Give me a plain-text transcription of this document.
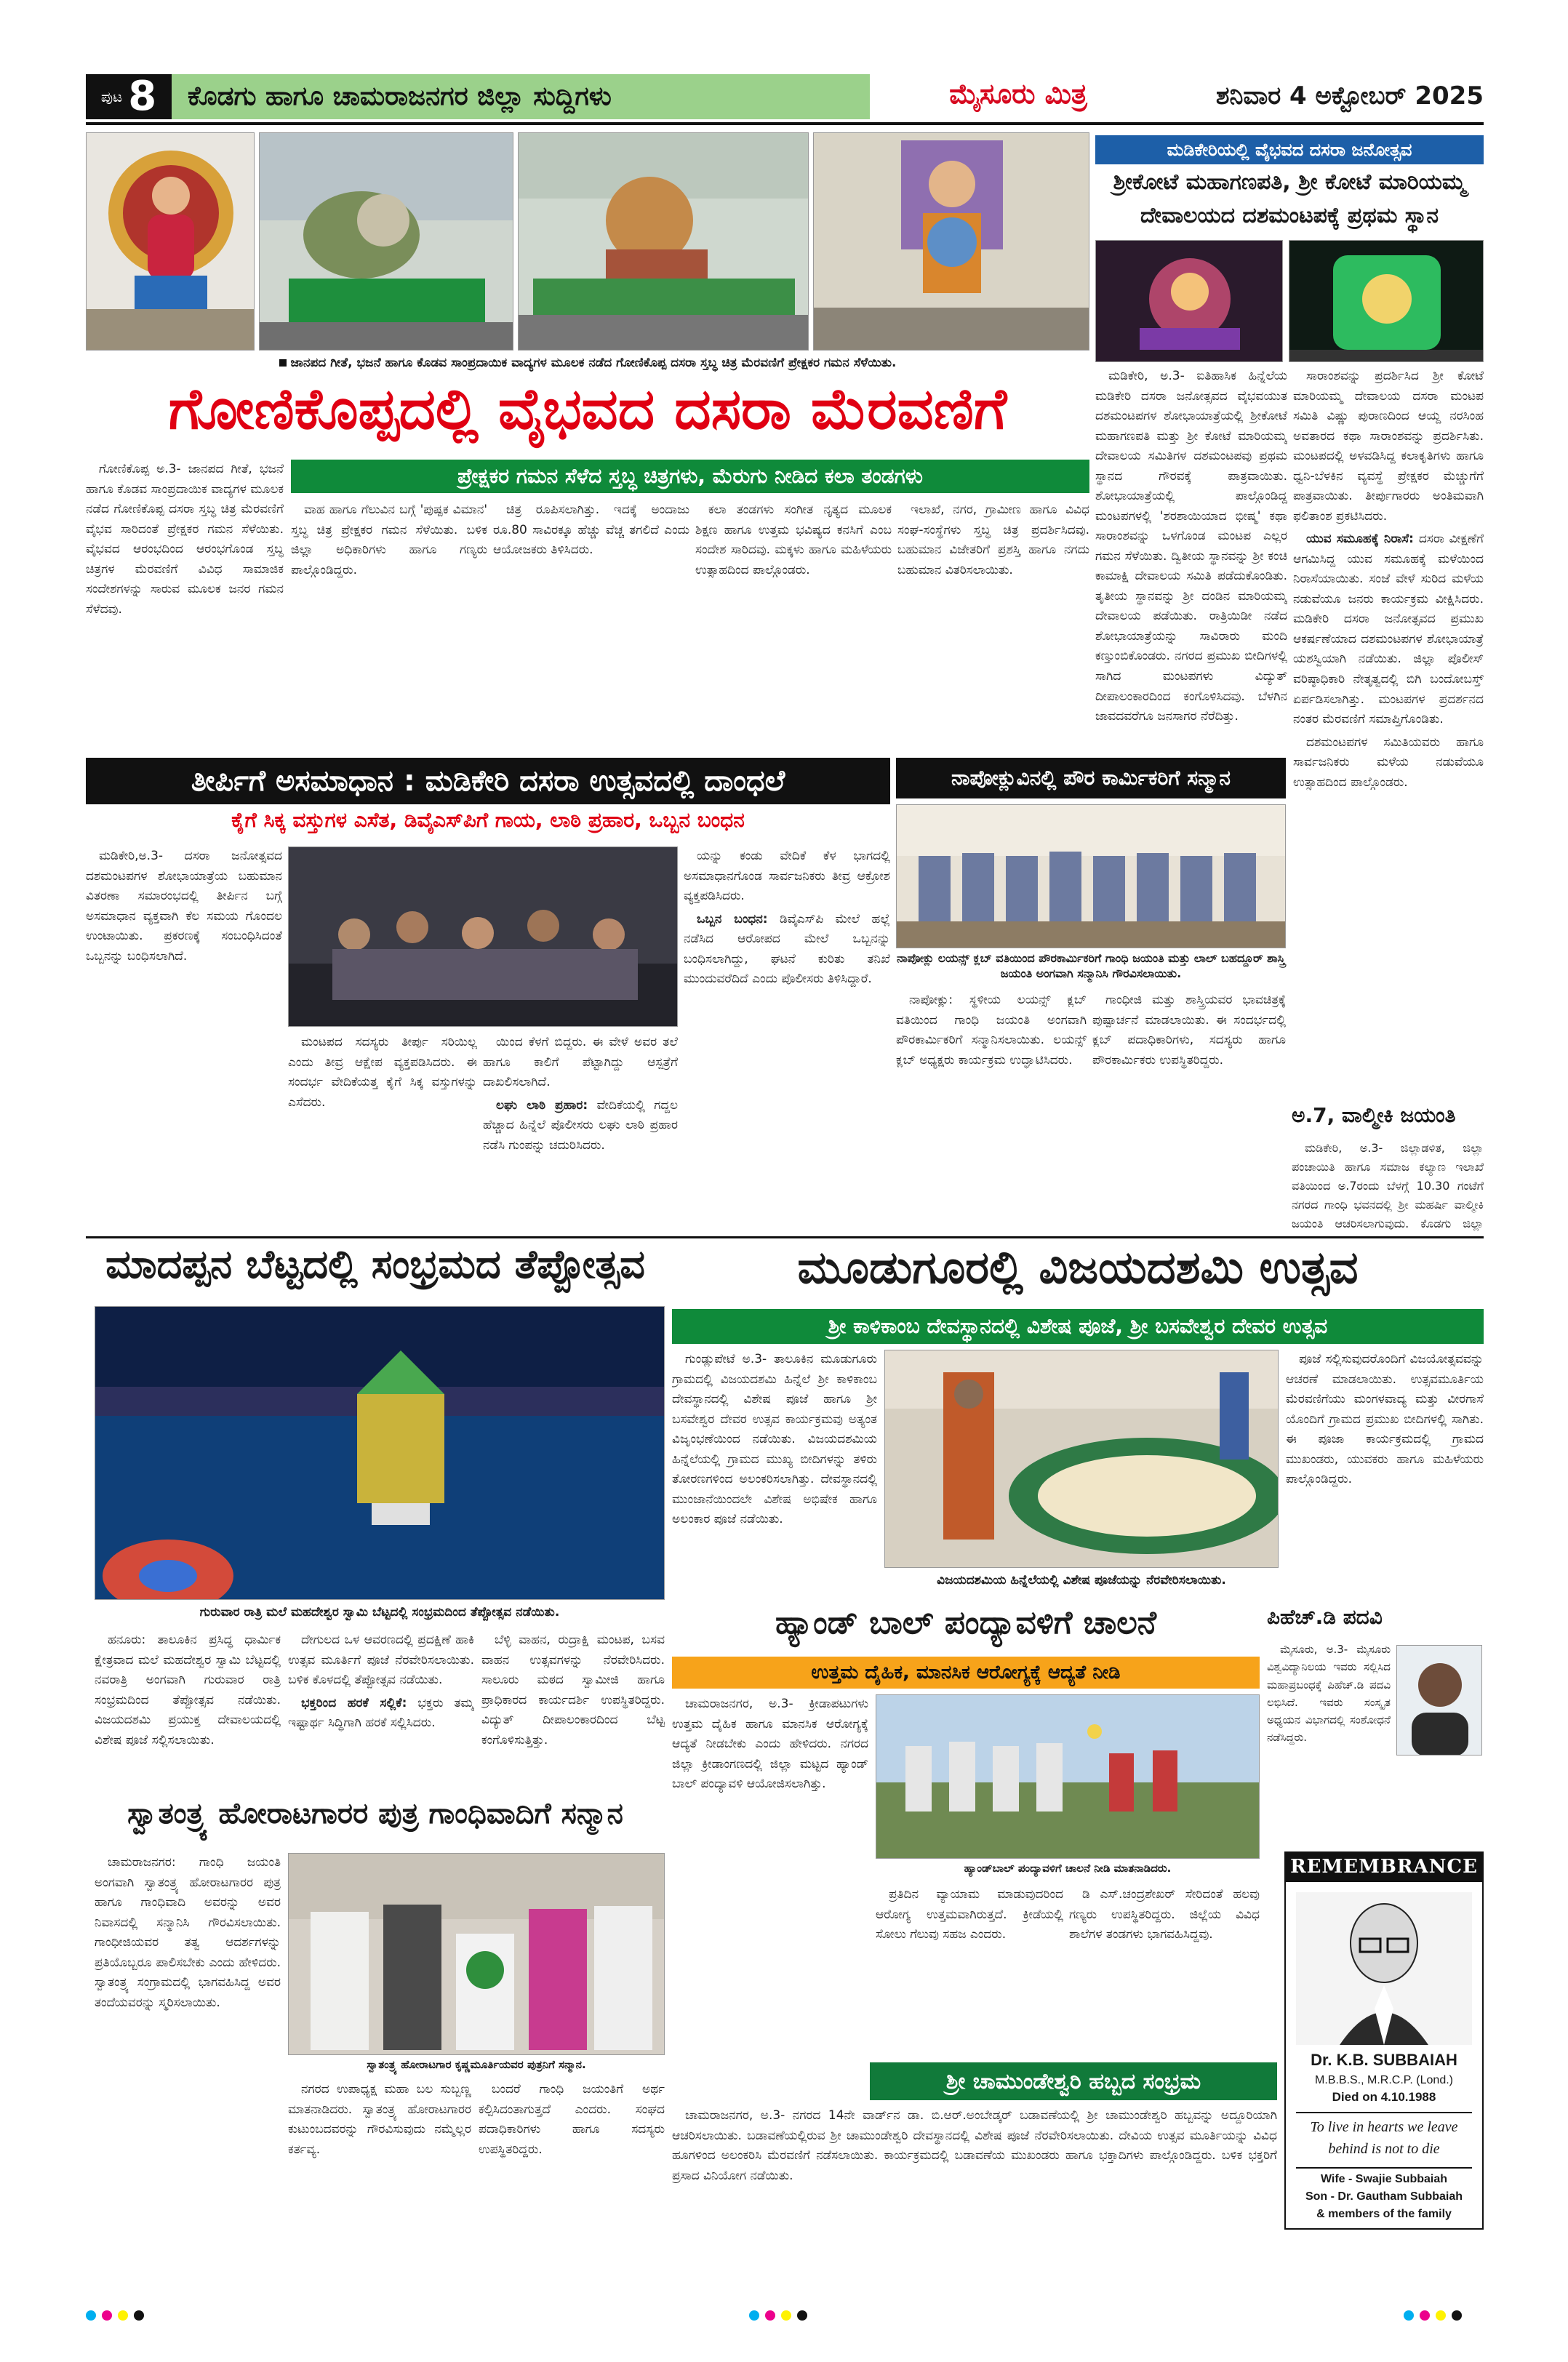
ಪುಟ 8 ಕೊಡಗು ಹಾಗೂ ಚಾಮರಾಜನಗರ ಜಿಲ್ಲಾ ಸುದ್ದಿಗಳು	ಮೈಸೂರು ಮಿತ್ರ	ಶನಿವಾರ 4 ಅಕ್ಟೋಬರ್ 2025
ಜಾನಪದ ಗೀತೆ, ಭಜನೆ ಹಾಗೂ ಕೊಡವ ಸಾಂಪ್ರದಾಯಿಕ ವಾದ್ಯಗಳ ಮೂಲಕ ನಡೆದ ಗೋಣಿಕೊಪ್ಪ ದಸರಾ ಸ್ತಬ್ಧ ಚಿತ್ರ ಮೆರವಣಿಗೆ ಪ್ರೇಕ್ಷಕರ ಗಮನ ಸೆಳೆಯಿತು.
ಮಡಿಕೇರಿಯಲ್ಲಿ ವೈಭವದ ದಸರಾ ಜನೋತ್ಸವ
ಶ್ರೀಕೋಟೆ ಮಹಾಗಣಪತಿ, ಶ್ರೀ ಕೋಟೆ ಮಾರಿಯಮ್ಮ
ದೇವಾಲಯದ ದಶಮಂಟಪಕ್ಕೆ ಪ್ರಥಮ ಸ್ಥಾನ

ಮಡಿಕೇರಿ, ಅ.3- ಐತಿಹಾಸಿಕ ಹಿನ್ನೆಲೆಯ ಮಡಿಕೇರಿ ದಸರಾ ಜನೋತ್ಸವದ ವೈಭವಯುತ ದಶಮಂಟಪಗಳ ಶೋಭಾಯಾತ್ರೆಯಲ್ಲಿ ಶ್ರೀಕೋಟೆ ಮಹಾಗಣಪತಿ ಮತ್ತು ಶ್ರೀ ಕೋಟೆ ಮಾರಿಯಮ್ಮ ದೇವಾಲಯ ಸಮಿತಿಗಳ ದಶಮಂಟಪವು ಪ್ರಥಮ ಸ್ಥಾನದ ಗೌರವಕ್ಕೆ ಪಾತ್ರವಾಯಿತು. ಶೋಭಾಯಾತ್ರೆಯಲ್ಲಿ ಪಾಲ್ಗೊಂಡಿದ್ದ ಮಂಟಪಗಳಲ್ಲಿ 'ಶರಶಾಯಿಯಾದ ಭೀಷ್ಮ' ಕಥಾ ಸಾರಾಂಶವನ್ನು ಒಳಗೊಂಡ ಮಂಟಪ ಎಲ್ಲರ ಗಮನ ಸೆಳೆಯಿತು. ದ್ವಿತೀಯ ಸ್ಥಾನವನ್ನು ಶ್ರೀ ಕಂಚಿ ಕಾಮಾಕ್ಷಿ ದೇವಾಲಯ ಸಮಿತಿ ಪಡೆದುಕೊಂಡಿತು. ತೃತೀಯ ಸ್ಥಾನವನ್ನು ಶ್ರೀ ದಂಡಿನ ಮಾರಿಯಮ್ಮ ದೇವಾಲಯ ಪಡೆಯಿತು. ರಾತ್ರಿಯಿಡೀ ನಡೆದ ಶೋಭಾಯಾತ್ರೆಯನ್ನು ಸಾವಿರಾರು ಮಂದಿ ಕಣ್ತುಂಬಿಕೊಂಡರು. ನಗರದ ಪ್ರಮುಖ ಬೀದಿಗಳಲ್ಲಿ ಸಾಗಿದ ಮಂಟಪಗಳು ವಿದ್ಯುತ್ ದೀಪಾಲಂಕಾರದಿಂದ ಕಂಗೊಳಿಸಿದವು. ಬೆಳಗಿನ ಜಾವದವರೆಗೂ ಜನಸಾಗರ ನೆರೆದಿತ್ತು.

ಸಾರಾಂಶವನ್ನು ಪ್ರದರ್ಶಿಸಿದ ಶ್ರೀ ಕೋಟೆ ಮಾರಿಯಮ್ಮ ದೇವಾಲಯ ದಸರಾ ಮಂಟಪ ಸಮಿತಿ ವಿಷ್ಣು ಪುರಾಣದಿಂದ ಆಯ್ದ ನರಸಿಂಹ ಅವತಾರದ ಕಥಾ ಸಾರಾಂಶವನ್ನು ಪ್ರದರ್ಶಿಸಿತು. ಮಂಟಪದಲ್ಲಿ ಅಳವಡಿಸಿದ್ದ ಕಲಾಕೃತಿಗಳು ಹಾಗೂ ಧ್ವನಿ-ಬೆಳಕಿನ ವ್ಯವಸ್ಥೆ ಪ್ರೇಕ್ಷಕರ ಮೆಚ್ಚುಗೆಗೆ ಪಾತ್ರವಾಯಿತು. ತೀರ್ಪುಗಾರರು ಅಂತಿಮವಾಗಿ ಫಲಿತಾಂಶ ಪ್ರಕಟಿಸಿದರು.

ಯುವ ಸಮೂಹಕ್ಕೆ ನಿರಾಸೆ: ದಸರಾ ವೀಕ್ಷಣೆಗೆ ಆಗಮಿಸಿದ್ದ ಯುವ ಸಮೂಹಕ್ಕೆ ಮಳೆಯಿಂದ ನಿರಾಸೆಯಾಯಿತು. ಸಂಜೆ ವೇಳೆ ಸುರಿದ ಮಳೆಯ ನಡುವೆಯೂ ಜನರು ಕಾರ್ಯಕ್ರಮ ವೀಕ್ಷಿಸಿದರು. ಮಡಿಕೇರಿ ದಸರಾ ಜನೋತ್ಸವದ ಪ್ರಮುಖ ಆಕರ್ಷಣೆಯಾದ ದಶಮಂಟಪಗಳ ಶೋಭಾಯಾತ್ರೆ ಯಶಸ್ವಿಯಾಗಿ ನಡೆಯಿತು. ಜಿಲ್ಲಾ ಪೊಲೀಸ್ ವರಿಷ್ಠಾಧಿಕಾರಿ ನೇತೃತ್ವದಲ್ಲಿ ಬಿಗಿ ಬಂದೋಬಸ್ತ್ ಏರ್ಪಡಿಸಲಾಗಿತ್ತು. ಮಂಟಪಗಳ ಪ್ರದರ್ಶನದ ನಂತರ ಮೆರವಣಿಗೆ ಸಮಾಪ್ತಿಗೊಂಡಿತು.

ದಶಮಂಟಪಗಳ ಸಮಿತಿಯವರು ಹಾಗೂ ಸಾರ್ವಜನಿಕರು ಮಳೆಯ ನಡುವೆಯೂ ಉತ್ಸಾಹದಿಂದ ಪಾಲ್ಗೊಂಡರು.

ಗೋಣಿಕೊಪ್ಪದಲ್ಲಿ ವೈಭವದ ದಸರಾ ಮೆರವಣಿಗೆ
ಪ್ರೇಕ್ಷಕರ ಗಮನ ಸೆಳೆದ ಸ್ತಬ್ಧ ಚಿತ್ರಗಳು, ಮೆರುಗು ನೀಡಿದ ಕಲಾ ತಂಡಗಳು

ಗೋಣಿಕೊಪ್ಪ ಅ.3- ಜಾನಪದ ಗೀತೆ, ಭಜನೆ ಹಾಗೂ ಕೊಡವ ಸಾಂಪ್ರದಾಯಿಕ ವಾದ್ಯಗಳ ಮೂಲಕ ನಡೆದ ಗೋಣಿಕೊಪ್ಪ ದಸರಾ ಸ್ತಬ್ಧ ಚಿತ್ರ ಮೆರವಣಿಗೆ ವೈಭವ ಸಾರಿದಂತೆ ಪ್ರೇಕ್ಷಕರ ಗಮನ ಸೆಳೆಯಿತು. ವೈಭವದ ಆರಂಭದಿಂದ ಆರಂಭಗೊಂಡ ಸ್ತಬ್ಧ ಚಿತ್ರಗಳ ಮೆರವಣಿಗೆ ವಿವಿಧ ಸಾಮಾಜಿಕ ಸಂದೇಶಗಳನ್ನು ಸಾರುವ ಮೂಲಕ ಜನರ ಗಮನ ಸೆಳೆದವು.

ವಾಹ ಹಾಗೂ ಗೆಲುವಿನ ಬಗ್ಗೆ 'ಪುಷ್ಪಕ ವಿಮಾನ' ಸ್ತಬ್ಧ ಚಿತ್ರ ಪ್ರೇಕ್ಷಕರ ಗಮನ ಸೆಳೆಯಿತು. ಬಳಿಕ ಜಿಲ್ಲಾ ಅಧಿಕಾರಿಗಳು ಹಾಗೂ ಗಣ್ಯರು ಪಾಲ್ಗೊಂಡಿದ್ದರು.

ಚಿತ್ರ ರೂಪಿಸಲಾಗಿತ್ತು. ಇದಕ್ಕೆ ಅಂದಾಜು ರೂ.80 ಸಾವಿರಕ್ಕೂ ಹೆಚ್ಚು ವೆಚ್ಚ ತಗಲಿದೆ ಎಂದು ಆಯೋಜಕರು ತಿಳಿಸಿದರು.

ಕಲಾ ತಂಡಗಳು ಸಂಗೀತ ನೃತ್ಯದ ಮೂಲಕ ಶಿಕ್ಷಣ ಹಾಗೂ ಉತ್ತಮ ಭವಿಷ್ಯದ ಕನಸಿಗೆ ಎಂಬ ಸಂದೇಶ ಸಾರಿದವು. ಮಕ್ಕಳು ಹಾಗೂ ಮಹಿಳೆಯರು ಉತ್ಸಾಹದಿಂದ ಪಾಲ್ಗೊಂಡರು.

ಇಲಾಖೆ, ನಗರ, ಗ್ರಾಮೀಣ ಹಾಗೂ ವಿವಿಧ ಸಂಘ-ಸಂಸ್ಥೆಗಳು ಸ್ತಬ್ಧ ಚಿತ್ರ ಪ್ರದರ್ಶಿಸಿದವು. ಬಹುಮಾನ ವಿಜೇತರಿಗೆ ಪ್ರಶಸ್ತಿ ಹಾಗೂ ನಗದು ಬಹುಮಾನ ವಿತರಿಸಲಾಯಿತು.

ತೀರ್ಪಿಗೆ ಅಸಮಾಧಾನ : ಮಡಿಕೇರಿ ದಸರಾ ಉತ್ಸವದಲ್ಲಿ ದಾಂಧಲೆ
ಕೈಗೆ ಸಿಕ್ಕ ವಸ್ತುಗಳ ಎಸೆತ, ಡಿವೈಎಸ್‌ಪಿಗೆ ಗಾಯ, ಲಾಠಿ ಪ್ರಹಾರ, ಒಬ್ಬನ ಬಂಧನ

ಮಡಿಕೇರಿ,ಅ.3- ದಸರಾ ಜನೋತ್ಸವದ ದಶಮಂಟಪಗಳ ಶೋಭಾಯಾತ್ರೆಯ ಬಹುಮಾನ ವಿತರಣಾ ಸಮಾರಂಭದಲ್ಲಿ ತೀರ್ಪಿನ ಬಗ್ಗೆ ಅಸಮಾಧಾನ ವ್ಯಕ್ತವಾಗಿ ಕೆಲ ಸಮಯ ಗೊಂದಲ ಉಂಟಾಯಿತು. ಪ್ರಕರಣಕ್ಕೆ ಸಂಬಂಧಿಸಿದಂತೆ ಒಬ್ಬನನ್ನು ಬಂಧಿಸಲಾಗಿದೆ.

ಮಂಟಪದ ಸದಸ್ಯರು ತೀರ್ಪು ಸರಿಯಿಲ್ಲ ಎಂದು ತೀವ್ರ ಆಕ್ಷೇಪ ವ್ಯಕ್ತಪಡಿಸಿದರು. ಈ ಸಂದರ್ಭ ವೇದಿಕೆಯತ್ತ ಕೈಗೆ ಸಿಕ್ಕ ವಸ್ತುಗಳನ್ನು ಎಸೆದರು.

ಯಿಂದ ಕೆಳಗೆ ಬಿದ್ದರು. ಈ ವೇಳೆ ಅವರ ತಲೆ ಹಾಗೂ ಕಾಲಿಗೆ ಪೆಟ್ಟಾಗಿದ್ದು ಆಸ್ಪತ್ರೆಗೆ ದಾಖಲಿಸಲಾಗಿದೆ.

ಲಘು ಲಾಠಿ ಪ್ರಹಾರ: ವೇದಿಕೆಯಲ್ಲಿ ಗದ್ದಲ ಹೆಚ್ಚಾದ ಹಿನ್ನೆಲೆ ಪೊಲೀಸರು ಲಘು ಲಾಠಿ ಪ್ರಹಾರ ನಡೆಸಿ ಗುಂಪನ್ನು ಚದುರಿಸಿದರು.

ಯನ್ನು ಕಂಡು ವೇದಿಕೆ ಕೆಳ ಭಾಗದಲ್ಲಿ ಅಸಮಾಧಾನಗೊಂಡ ಸಾರ್ವಜನಿಕರು ತೀವ್ರ ಆಕ್ರೋಶ ವ್ಯಕ್ತಪಡಿಸಿದರು.

ಒಬ್ಬನ ಬಂಧನ: ಡಿವೈಎಸ್‌ಪಿ ಮೇಲೆ ಹಲ್ಲೆ ನಡೆಸಿದ ಆರೋಪದ ಮೇಲೆ ಒಬ್ಬನನ್ನು ಬಂಧಿಸಲಾಗಿದ್ದು, ಘಟನೆ ಕುರಿತು ತನಿಖೆ ಮುಂದುವರೆದಿದೆ ಎಂದು ಪೊಲೀಸರು ತಿಳಿಸಿದ್ದಾರೆ.

ನಾಪೋಕ್ಲುವಿನಲ್ಲಿ ಪೌರ ಕಾರ್ಮಿಕರಿಗೆ ಸನ್ಮಾನ
ನಾಪೋಕ್ಲು ಲಯನ್ಸ್ ಕ್ಲಬ್ ವತಿಯಿಂದ ಪೌರಕಾರ್ಮಿಕರಿಗೆ ಗಾಂಧಿ ಜಯಂತಿ ಮತ್ತು ಲಾಲ್ ಬಹದ್ದೂರ್ ಶಾಸ್ತ್ರಿ ಜಯಂತಿ ಅಂಗವಾಗಿ ಸನ್ಮಾನಿಸಿ ಗೌರವಿಸಲಾಯಿತು.

ನಾಪೋಕ್ಲು: ಸ್ಥಳೀಯ ಲಯನ್ಸ್ ಕ್ಲಬ್ ವತಿಯಿಂದ ಗಾಂಧಿ ಜಯಂತಿ ಅಂಗವಾಗಿ ಪೌರಕಾರ್ಮಿಕರಿಗೆ ಸನ್ಮಾನಿಸಲಾಯಿತು. ಲಯನ್ಸ್ ಕ್ಲಬ್ ಅಧ್ಯಕ್ಷರು ಕಾರ್ಯಕ್ರಮ ಉದ್ಘಾಟಿಸಿದರು.

ಗಾಂಧೀಜಿ ಮತ್ತು ಶಾಸ್ತ್ರಿಯವರ ಭಾವಚಿತ್ರಕ್ಕೆ ಪುಷ್ಪಾರ್ಚನೆ ಮಾಡಲಾಯಿತು. ಈ ಸಂದರ್ಭದಲ್ಲಿ ಕ್ಲಬ್ ಪದಾಧಿಕಾರಿಗಳು, ಸದಸ್ಯರು ಹಾಗೂ ಪೌರಕಾರ್ಮಿಕರು ಉಪಸ್ಥಿತರಿದ್ದರು.

ಅ.7, ವಾಲ್ಮೀಕಿ ಜಯಂತಿ

ಮಡಿಕೇರಿ, ಅ.3- ಜಿಲ್ಲಾಡಳಿತ, ಜಿಲ್ಲಾ ಪಂಚಾಯಿತಿ ಹಾಗೂ ಸಮಾಜ ಕಲ್ಯಾಣ ಇಲಾಖೆ ವತಿಯಿಂದ ಅ.7ರಂದು ಬೆಳಗ್ಗೆ 10.30 ಗಂಟೆಗೆ ನಗರದ ಗಾಂಧಿ ಭವನದಲ್ಲಿ ಶ್ರೀ ಮಹರ್ಷಿ ವಾಲ್ಮೀಕಿ ಜಯಂತಿ ಆಚರಿಸಲಾಗುವುದು. ಕೊಡಗು ಜಿಲ್ಲಾ

ಮಾದಪ್ಪನ ಬೆಟ್ಟದಲ್ಲಿ ಸಂಭ್ರಮದ ತೆಪ್ಪೋತ್ಸವ
ಗುರುವಾರ ರಾತ್ರಿ ಮಲೆ ಮಹದೇಶ್ವರ ಸ್ವಾಮಿ ಬೆಟ್ಟದಲ್ಲಿ ಸಂಭ್ರಮದಿಂದ ತೆಪ್ಪೋತ್ಸವ ನಡೆಯಿತು.

ಹನೂರು: ತಾಲೂಕಿನ ಪ್ರಸಿದ್ಧ ಧಾರ್ಮಿಕ ಕ್ಷೇತ್ರವಾದ ಮಲೆ ಮಹದೇಶ್ವರ ಸ್ವಾಮಿ ಬೆಟ್ಟದಲ್ಲಿ ನವರಾತ್ರಿ ಅಂಗವಾಗಿ ಗುರುವಾರ ರಾತ್ರಿ ಸಂಭ್ರಮದಿಂದ ತೆಪ್ಪೋತ್ಸವ ನಡೆಯಿತು. ವಿಜಯದಶಮಿ ಪ್ರಯುಕ್ತ ದೇವಾಲಯದಲ್ಲಿ ವಿಶೇಷ ಪೂಜೆ ಸಲ್ಲಿಸಲಾಯಿತು.

ದೇಗುಲದ ಒಳ ಆವರಣದಲ್ಲಿ ಪ್ರದಕ್ಷಿಣೆ ಹಾಕಿ ಉತ್ಸವ ಮೂರ್ತಿಗೆ ಪೂಜೆ ನೆರವೇರಿಸಲಾಯಿತು. ಬಳಿಕ ಕೊಳದಲ್ಲಿ ತೆಪ್ಪೋತ್ಸವ ನಡೆಯಿತು.

ಭಕ್ತರಿಂದ ಹರಕೆ ಸಲ್ಲಿಕೆ: ಭಕ್ತರು ತಮ್ಮ ಇಷ್ಟಾರ್ಥ ಸಿದ್ಧಿಗಾಗಿ ಹರಕೆ ಸಲ್ಲಿಸಿದರು.

ಬೆಳ್ಳಿ ವಾಹನ, ರುದ್ರಾಕ್ಷಿ ಮಂಟಪ, ಬಸವ ವಾಹನ ಉತ್ಸವಗಳನ್ನು ನೆರವೇರಿಸಿದರು. ಸಾಲೂರು ಮಠದ ಸ್ವಾಮೀಜಿ ಹಾಗೂ ಪ್ರಾಧಿಕಾರದ ಕಾರ್ಯದರ್ಶಿ ಉಪಸ್ಥಿತರಿದ್ದರು. ವಿದ್ಯುತ್ ದೀಪಾಲಂಕಾರದಿಂದ ಬೆಟ್ಟ ಕಂಗೊಳಿಸುತ್ತಿತ್ತು.

ಮೂಡುಗೂರಲ್ಲಿ ವಿಜಯದಶಮಿ ಉತ್ಸವ
ಶ್ರೀ ಕಾಳಿಕಾಂಬ ದೇವಸ್ಥಾನದಲ್ಲಿ ವಿಶೇಷ ಪೂಜೆ, ಶ್ರೀ ಬಸವೇಶ್ವರ ದೇವರ ಉತ್ಸವ

ಗುಂಡ್ಲುಪೇಟೆ ಅ.3- ತಾಲೂಕಿನ ಮೂಡುಗೂರು ಗ್ರಾಮದಲ್ಲಿ ವಿಜಯದಶಮಿ ಹಿನ್ನೆಲೆ ಶ್ರೀ ಕಾಳಿಕಾಂಬ ದೇವಸ್ಥಾನದಲ್ಲಿ ವಿಶೇಷ ಪೂಜೆ ಹಾಗೂ ಶ್ರೀ ಬಸವೇಶ್ವರ ದೇವರ ಉತ್ಸವ ಕಾರ್ಯಕ್ರಮವು ಅತ್ಯಂತ ವಿಜೃಂಭಣೆಯಿಂದ ನಡೆಯಿತು. ವಿಜಯದಶಮಿಯ ಹಿನ್ನೆಲೆಯಲ್ಲಿ ಗ್ರಾಮದ ಮುಖ್ಯ ಬೀದಿಗಳನ್ನು ತಳಿರು ತೋರಣಗಳಿಂದ ಅಲಂಕರಿಸಲಾಗಿತ್ತು. ದೇವಸ್ಥಾನದಲ್ಲಿ ಮುಂಜಾನೆಯಿಂದಲೇ ವಿಶೇಷ ಅಭಿಷೇಕ ಹಾಗೂ ಅಲಂಕಾರ ಪೂಜೆ ನಡೆಯಿತು.

ವಿಜಯದಶಮಿಯ ಹಿನ್ನೆಲೆಯಲ್ಲಿ ವಿಶೇಷ ಪೂಜೆಯನ್ನು ನೆರವೇರಿಸಲಾಯಿತು.

ಪೂಜೆ ಸಲ್ಲಿಸುವುದರೊಂದಿಗೆ ವಿಜಯೋತ್ಸವವನ್ನು ಆಚರಣೆ ಮಾಡಲಾಯಿತು. ಉತ್ಸವಮೂರ್ತಿಯ ಮೆರವಣಿಗೆಯು ಮಂಗಳವಾದ್ಯ ಮತ್ತು ವೀರಗಾಸೆ ಯೊಂದಿಗೆ ಗ್ರಾಮದ ಪ್ರಮುಖ ಬೀದಿಗಳಲ್ಲಿ ಸಾಗಿತು. ಈ ಪೂಜಾ ಕಾರ್ಯಕ್ರಮದಲ್ಲಿ ಗ್ರಾಮದ ಮುಖಂಡರು, ಯುವಕರು ಹಾಗೂ ಮಹಿಳೆಯರು ಪಾಲ್ಗೊಂಡಿದ್ದರು.

ಹ್ಯಾಂಡ್ ಬಾಲ್ ಪಂದ್ಯಾವಳಿಗೆ ಚಾಲನೆ
ಉತ್ತಮ ದೈಹಿಕ, ಮಾನಸಿಕ ಆರೋಗ್ಯಕ್ಕೆ ಆದ್ಯತೆ ನೀಡಿ

ಚಾಮರಾಜನಗರ, ಅ.3- ಕ್ರೀಡಾಪಟುಗಳು ಉತ್ತಮ ದೈಹಿಕ ಹಾಗೂ ಮಾನಸಿಕ ಆರೋಗ್ಯಕ್ಕೆ ಆದ್ಯತೆ ನೀಡಬೇಕು ಎಂದು ಹೇಳಿದರು. ನಗರದ ಜಿಲ್ಲಾ ಕ್ರೀಡಾಂಗಣದಲ್ಲಿ ಜಿಲ್ಲಾ ಮಟ್ಟದ ಹ್ಯಾಂಡ್ ಬಾಲ್ ಪಂದ್ಯಾವಳಿ ಆಯೋಜಿಸಲಾಗಿತ್ತು.

ಹ್ಯಾಂಡ್‌ಬಾಲ್ ಪಂದ್ಯಾವಳಿಗೆ ಚಾಲನೆ ನೀಡಿ ಮಾತನಾಡಿದರು.

ಪ್ರತಿದಿನ ವ್ಯಾಯಾಮ ಮಾಡುವುದರಿಂದ ಆರೋಗ್ಯ ಉತ್ತಮವಾಗಿರುತ್ತದೆ. ಕ್ರೀಡೆಯಲ್ಲಿ ಸೋಲು ಗೆಲುವು ಸಹಜ ಎಂದರು.

ಡಿ ಎಸ್.ಚಂದ್ರಶೇಖರ್ ಸೇರಿದಂತೆ ಹಲವು ಗಣ್ಯರು ಉಪಸ್ಥಿತರಿದ್ದರು. ಜಿಲ್ಲೆಯ ವಿವಿಧ ಶಾಲೆಗಳ ತಂಡಗಳು ಭಾಗವಹಿಸಿದ್ದವು.

ಪಿಹೆಚ್.ಡಿ ಪದವಿ

ಮೈಸೂರು, ಅ.3- ಮೈಸೂರು ವಿಶ್ವವಿದ್ಯಾನಿಲಯ ಇವರು ಸಲ್ಲಿಸಿದ ಮಹಾಪ್ರಬಂಧಕ್ಕೆ ಪಿಹೆಚ್.ಡಿ ಪದವಿ ಲಭಿಸಿದೆ. ಇವರು ಸಂಸ್ಕೃತ ಅಧ್ಯಯನ ವಿಭಾಗದಲ್ಲಿ ಸಂಶೋಧನೆ ನಡೆಸಿದ್ದರು.

REMEMBRANCE
Dr. K.B. SUBBAIAH
M.B.B.S., M.R.C.P. (Lond.)
Died on 4.10.1988
To live in hearts we leave
behind is not to die
Wife - Swajie Subbaiah
Son - Dr. Gautham Subbaiah
& members of the family
ಸ್ವಾತಂತ್ರ್ಯ ಹೋರಾಟಗಾರರ ಪುತ್ರ ಗಾಂಧಿವಾದಿಗೆ ಸನ್ಮಾನ

ಚಾಮರಾಜನಗರ: ಗಾಂಧಿ ಜಯಂತಿ ಅಂಗವಾಗಿ ಸ್ವಾತಂತ್ರ್ಯ ಹೋರಾಟಗಾರರ ಪುತ್ರ ಹಾಗೂ ಗಾಂಧಿವಾದಿ ಅವರನ್ನು ಅವರ ನಿವಾಸದಲ್ಲಿ ಸನ್ಮಾನಿಸಿ ಗೌರವಿಸಲಾಯಿತು. ಗಾಂಧೀಜಿಯವರ ತತ್ವ ಆದರ್ಶಗಳನ್ನು ಪ್ರತಿಯೊಬ್ಬರೂ ಪಾಲಿಸಬೇಕು ಎಂದು ಹೇಳಿದರು. ಸ್ವಾತಂತ್ರ್ಯ ಸಂಗ್ರಾಮದಲ್ಲಿ ಭಾಗವಹಿಸಿದ್ದ ಅವರ ತಂದೆಯವರನ್ನು ಸ್ಮರಿಸಲಾಯಿತು.

ಸ್ವಾತಂತ್ರ್ಯ ಹೋರಾಟಗಾರ ಕೃಷ್ಣಮೂರ್ತಿಯವರ ಪುತ್ರನಿಗೆ ಸನ್ಮಾನ.

ನಗರದ ಉಪಾಧ್ಯಕ್ಷ ಮಹಾ ಬಲ ಸುಬ್ಬಣ್ಣ ಮಾತನಾಡಿದರು. ಸ್ವಾತಂತ್ರ್ಯ ಹೋರಾಟಗಾರರ ಕುಟುಂಬದವರನ್ನು ಗೌರವಿಸುವುದು ನಮ್ಮೆಲ್ಲರ ಕರ್ತವ್ಯ.

ಬಂದರೆ ಗಾಂಧಿ ಜಯಂತಿಗೆ ಅರ್ಥ ಕಲ್ಪಿಸಿದಂತಾಗುತ್ತದೆ ಎಂದರು. ಸಂಘದ ಪದಾಧಿಕಾರಿಗಳು ಹಾಗೂ ಸದಸ್ಯರು ಉಪಸ್ಥಿತರಿದ್ದರು.

ಶ್ರೀ ಚಾಮುಂಡೇಶ್ವರಿ ಹಬ್ಬದ ಸಂಭ್ರಮ

ಚಾಮರಾಜನಗರ, ಅ.3- ನಗರದ 14ನೇ ವಾರ್ಡ್‌ನ ಡಾ. ಬಿ.ಆರ್.ಅಂಬೇಡ್ಕರ್ ಬಡಾವಣೆಯಲ್ಲಿ ಶ್ರೀ ಚಾಮುಂಡೇಶ್ವರಿ ಹಬ್ಬವನ್ನು ಅದ್ದೂರಿಯಾಗಿ ಆಚರಿಸಲಾಯಿತು. ಬಡಾವಣೆಯಲ್ಲಿರುವ ಶ್ರೀ ಚಾಮುಂಡೇಶ್ವರಿ ದೇವಸ್ಥಾನದಲ್ಲಿ ವಿಶೇಷ ಪೂಜೆ ನೆರವೇರಿಸಲಾಯಿತು. ದೇವಿಯ ಉತ್ಸವ ಮೂರ್ತಿಯನ್ನು ವಿವಿಧ ಹೂಗಳಿಂದ ಅಲಂಕರಿಸಿ ಮೆರವಣಿಗೆ ನಡೆಸಲಾಯಿತು. ಕಾರ್ಯಕ್ರಮದಲ್ಲಿ ಬಡಾವಣೆಯ ಮುಖಂಡರು ಹಾಗೂ ಭಕ್ತಾದಿಗಳು ಪಾಲ್ಗೊಂಡಿದ್ದರು. ಬಳಿಕ ಭಕ್ತರಿಗೆ ಪ್ರಸಾದ ವಿನಿಯೋಗ ನಡೆಯಿತು.
